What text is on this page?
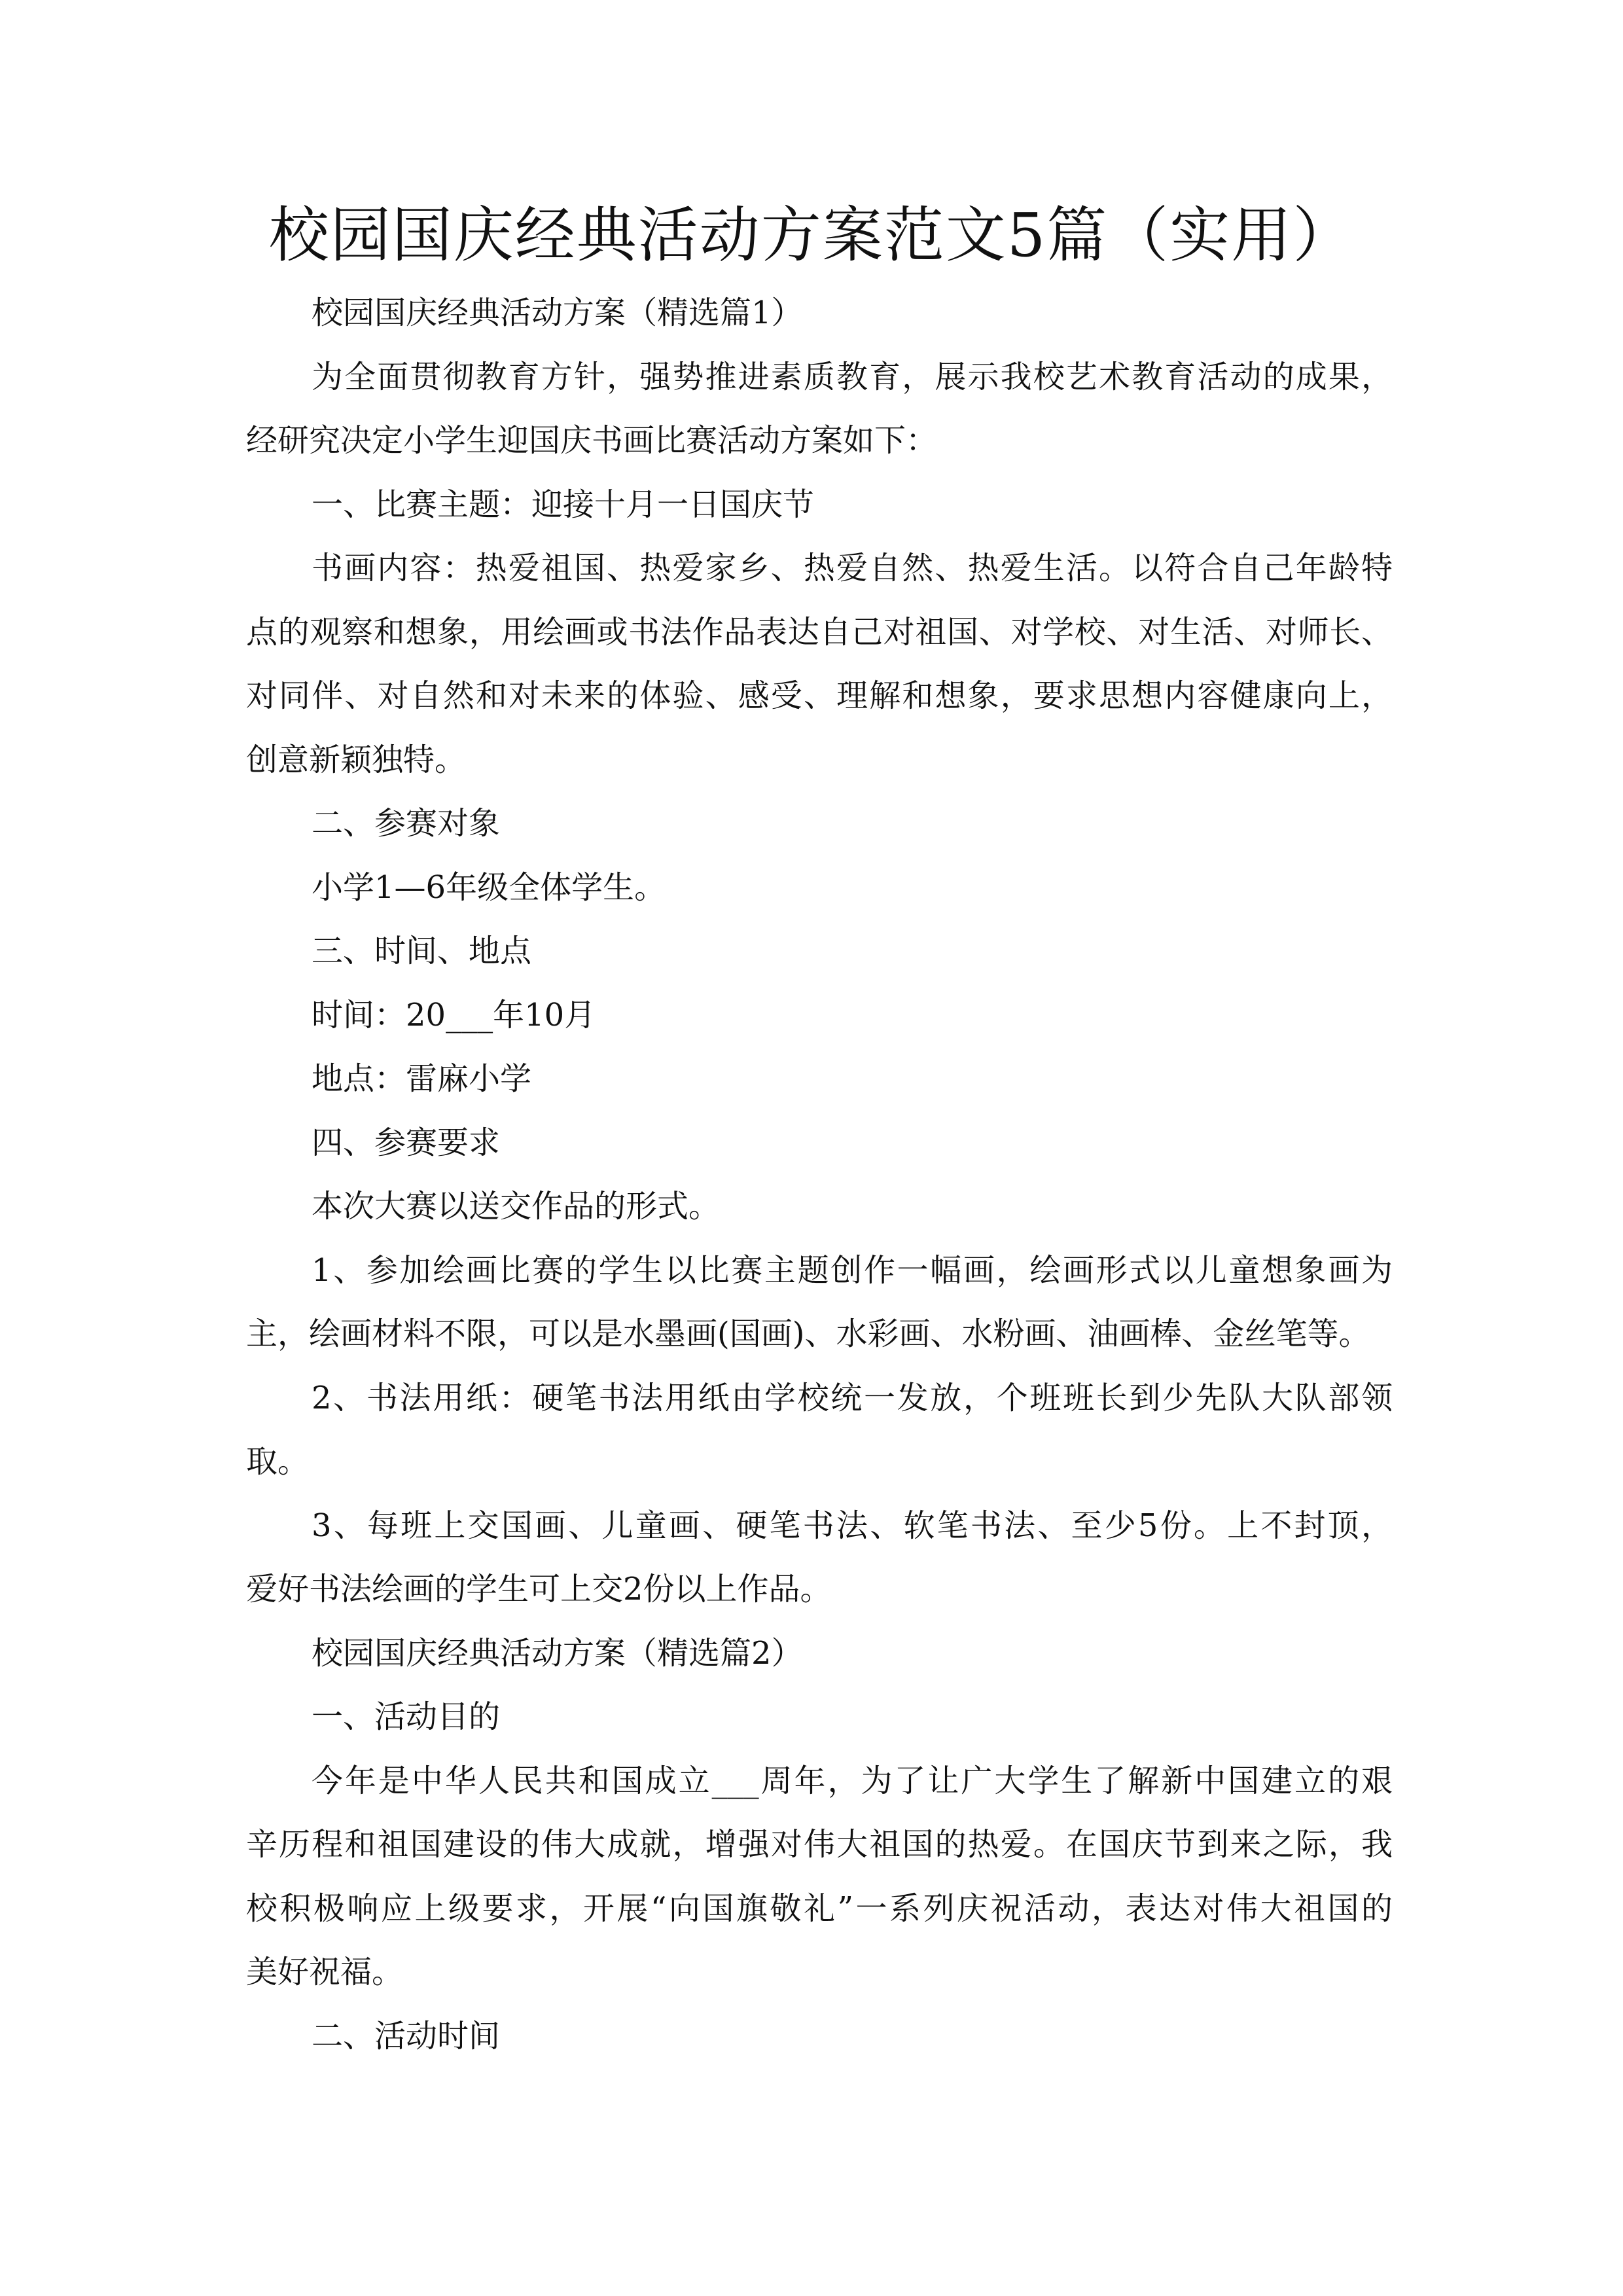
校园国庆经典活动方案范文5篇（实用）
校园国庆经典活动方案（精选篇1）
为全面贯彻教育方针，强势推进素质教育，展示我校艺术教育活动的成果，
经研究决定小学生迎国庆书画比赛活动方案如下：
一、比赛主题：迎接十月一日国庆节
书画内容：热爱祖国、热爱家乡、热爱自然、热爱生活。以符合自己年龄特
点的观察和想象，用绘画或书法作品表达自己对祖国、对学校、对生活、对师长、
对同伴、对自然和对未来的体验、感受、理解和想象，要求思想内容健康向上，
创意新颖独特。
二、参赛对象
小学1—6年级全体学生。
三、时间、地点
时间：20___年10月
地点：雷麻小学
四、参赛要求
本次大赛以送交作品的形式。
1、参加绘画比赛的学生以比赛主题创作一幅画，绘画形式以儿童想象画为
主，绘画材料不限，可以是水墨画(国画)、水彩画、水粉画、油画棒、金丝笔等。
2、书法用纸：硬笔书法用纸由学校统一发放，个班班长到少先队大队部领
取。
3、每班上交国画、儿童画、硬笔书法、软笔书法、至少5份。上不封顶，
爱好书法绘画的学生可上交2份以上作品。
校园国庆经典活动方案（精选篇2）
一、活动目的
今年是中华人民共和国成立___周年，为了让广大学生了解新中国建立的艰
辛历程和祖国建设的伟大成就，增强对伟大祖国的热爱。在国庆节到来之际，我
校积极响应上级要求，开展“向国旗敬礼”一系列庆祝活动，表达对伟大祖国的
美好祝福。
二、活动时间
